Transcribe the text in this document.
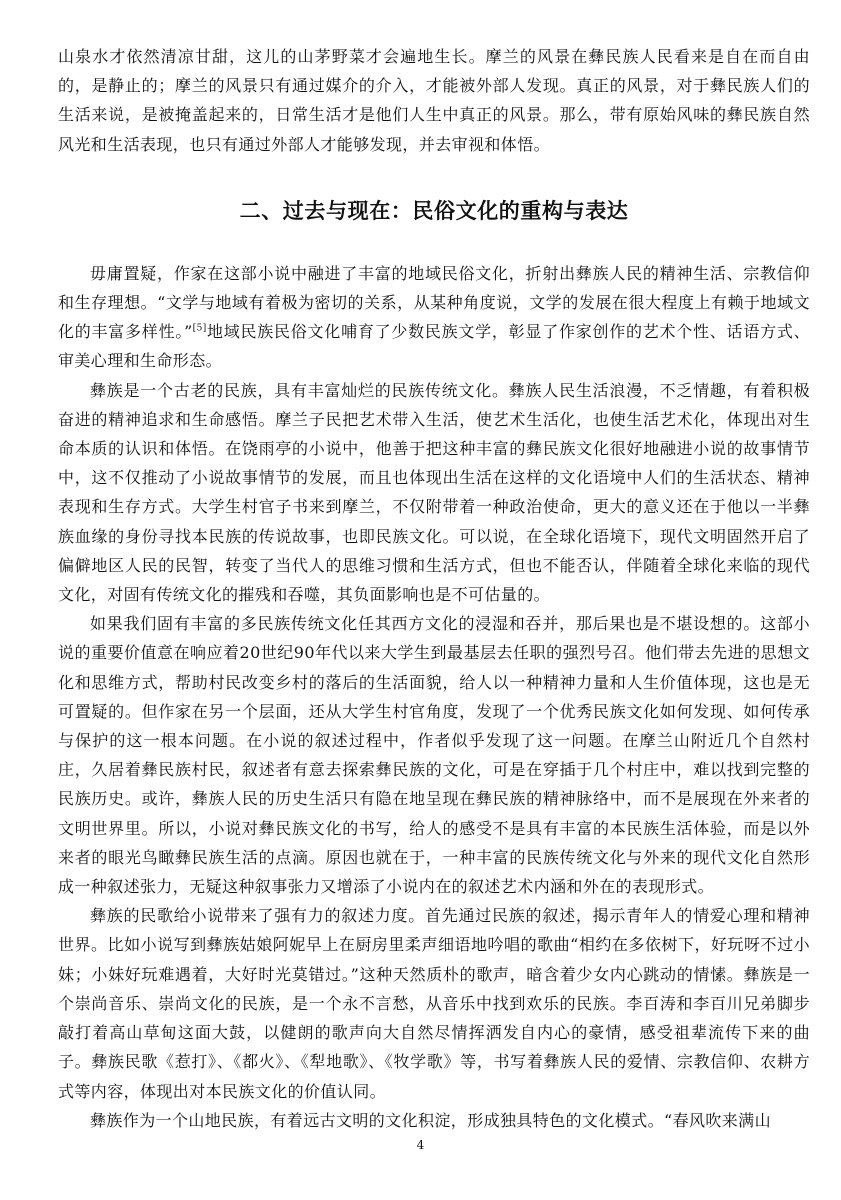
山泉水才依然清凉甘甜，这儿的山茅野菜才会遍地生长。摩兰的风景在彝民族人民看来是自在而自由的，是静止的；摩兰的风景只有通过媒介的介入，才能被外部人发现。真正的风景，对于彝民族人们的生活来说，是被掩盖起来的，日常生活才是他们人生中真正的风景。那么，带有原始风味的彝民族自然风光和生活表现，也只有通过外部人才能够发现，并去审视和体悟。

二、过去与现在：民俗文化的重构与表达

毋庸置疑，作家在这部小说中融进了丰富的地域民俗文化，折射出彝族人民的精神生活、宗教信仰和生存理想。“文学与地域有着极为密切的关系，从某种角度说，文学的发展在很大程度上有赖于地域文化的丰富多样性。”[5]地域民族民俗文化哺育了少数民族文学，彰显了作家创作的艺术个性、话语方式、审美心理和生命形态。

彝族是一个古老的民族，具有丰富灿烂的民族传统文化。彝族人民生活浪漫，不乏情趣，有着积极奋进的精神追求和生命感悟。摩兰子民把艺术带入生活，使艺术生活化，也使生活艺术化，体现出对生命本质的认识和体悟。在饶雨亭的小说中，他善于把这种丰富的彝民族文化很好地融进小说的故事情节中，这不仅推动了小说故事情节的发展，而且也体现出生活在这样的文化语境中人们的生活状态、精神表现和生存方式。大学生村官子书来到摩兰，不仅附带着一种政治使命，更大的意义还在于他以一半彝族血缘的身份寻找本民族的传说故事，也即民族文化。可以说，在全球化语境下，现代文明固然开启了偏僻地区人民的民智，转变了当代人的思维习惯和生活方式，但也不能否认，伴随着全球化来临的现代文化，对固有传统文化的摧残和吞噬，其负面影响也是不可估量的。

如果我们固有丰富的多民族传统文化任其西方文化的浸湿和吞并，那后果也是不堪设想的。这部小说的重要价值意在响应着20世纪90年代以来大学生到最基层去任职的强烈号召。他们带去先进的思想文化和思维方式，帮助村民改变乡村的落后的生活面貌，给人以一种精神力量和人生价值体现，这也是无可置疑的。但作家在另一个层面，还从大学生村官角度，发现了一个优秀民族文化如何发现、如何传承与保护的这一根本问题。在小说的叙述过程中，作者似乎发现了这一问题。在摩兰山附近几个自然村庄，久居着彝民族村民，叙述者有意去探索彝民族的文化，可是在穿插于几个村庄中，难以找到完整的民族历史。或许，彝族人民的历史生活只有隐在地呈现在彝民族的精神脉络中，而不是展现在外来者的文明世界里。所以，小说对彝民族文化的书写，给人的感受不是具有丰富的本民族生活体验，而是以外来者的眼光鸟瞰彝民族生活的点滴。原因也就在于，一种丰富的民族传统文化与外来的现代文化自然形成一种叙述张力，无疑这种叙事张力又增添了小说内在的叙述艺术内涵和外在的表现形式。

彝族的民歌给小说带来了强有力的叙述力度。首先通过民族的叙述，揭示青年人的情爱心理和精神世界。比如小说写到彝族姑娘阿妮早上在厨房里柔声细语地吟唱的歌曲“相约在多依树下，好玩呀不过小妹；小妹好玩难遇着，大好时光莫错过。”这种天然质朴的歌声，暗含着少女内心跳动的情愫。彝族是一个崇尚音乐、崇尚文化的民族，是一个永不言愁，从音乐中找到欢乐的民族。李百涛和李百川兄弟脚步敲打着高山草甸这面大鼓，以健朗的歌声向大自然尽情挥洒发自内心的豪情，感受祖辈流传下来的曲子。彝族民歌《惹打》、《都火》、《犁地歌》、《牧学歌》等，书写着彝族人民的爱情、宗教信仰、农耕方式等内容，体现出对本民族文化的价值认同。

彝族作为一个山地民族，有着远古文明的文化积淀，形成独具特色的文化模式。“春风吹来满山

4
